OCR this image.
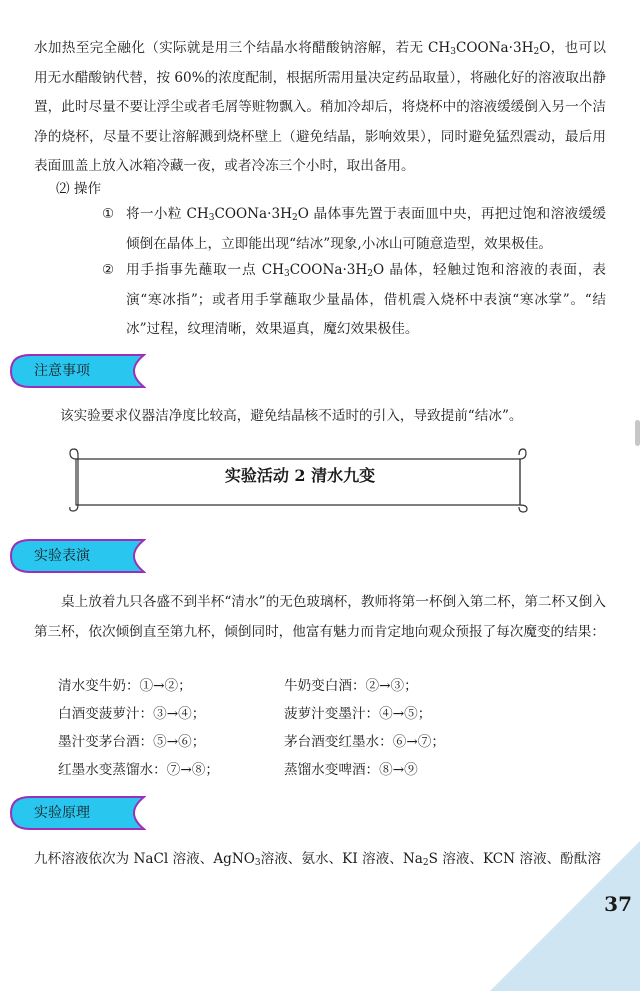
水加热至完全融化（实际就是用三个结晶水将醋酸钠溶解，若无 $CH_3COONa\cdot 3H_2O$，也可以用无水醋酸钠代替，按 60%的浓度配制，根据所需用量决定药品取量），将融化好的溶液取出静置，此时尽量不要让浮尘或者毛屑等赃物飘入。稍加冷却后，将烧杯中的溶液缓缓倒入另一个洁净的烧杯，尽量不要让溶解溅到烧杯壁上（避免结晶，影响效果），同时避免猛烈震动，最后用表面皿盖上放入冰箱冷藏一夜，或者冷冻三个小时，取出备用。

⑵ 操作
① 将一小粒 $CH_3COONa\cdot 3H_2O$ 晶体事先置于表面皿中央，再把过饱和溶液缓缓倾倒在晶体上，立即能出现“结冰”现象,小冰山可随意造型，效果极佳。
② 用手指事先蘸取一点 $CH_3COONa\cdot 3H_2O$ 晶体，轻触过饱和溶液的表面，表演“寒冰指”；或者用手掌蘸取少量晶体，借机震入烧杯中表演“寒冰掌”。“结冰”过程，纹理清晰，效果逼真，魔幻效果极佳。
注意事项

该实验要求仪器洁净度比较高，避免结晶核不适时的引入，导致提前“结冰”。

实验活动 2 清水九变
实验表演

桌上放着九只各盛不到半杯“清水”的无色玻璃杯，教师将第一杯倒入第二杯，第二杯又倒入第三杯，依次倾倒直至第九杯，倾倒同时，他富有魅力而肯定地向观众预报了每次魔变的结果：

清水变牛奶：①→②；	牛奶变白酒：②→③；
白酒变菠萝汁：③→④；	菠萝汁变墨汁：④→⑤；
墨汁变茅台酒：⑤→⑥；	茅台酒变红墨水：⑥→⑦；
红墨水变蒸馏水：⑦→⑧；	蒸馏水变啤酒：⑧→⑨
实验原理

九杯溶液依次为 NaCl 溶液、AgNO$_3$溶液、氨水、KI 溶液、$Na_2S$ 溶液、KCN 溶液、酚酞溶

37
